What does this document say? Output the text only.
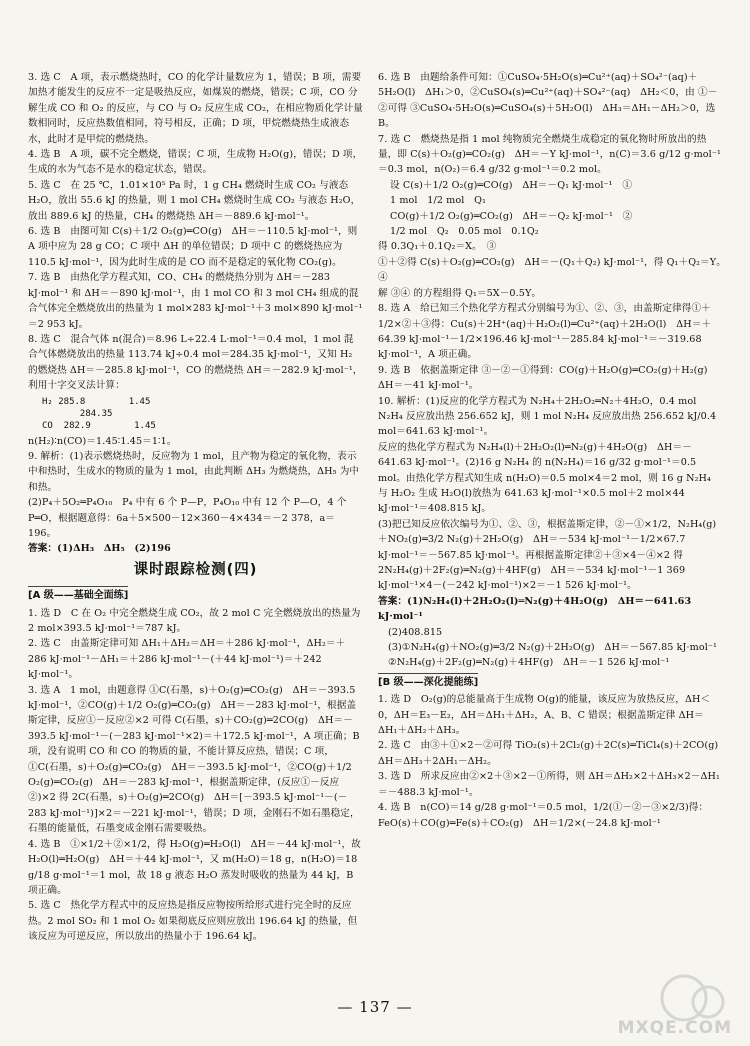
3. 选 C　A 项，表示燃烧热时，CO 的化学计量数应为 1，错误；B 项，需要加热才能发生的反应不一定是吸热反应，如煤炭的燃烧，错误；C 项，CO 分解生成 CO 和 O₂ 的反应，与 CO 与 O₂ 反应生成 CO₂，在相应物质化学计量数相同时，反应热数值相同，符号相反，正确；D 项，甲烷燃烧热生成液态水，此时才是甲烷的燃烧热。

4. 选 B　A 项，碳不完全燃烧，错误；C 项，生成物 H₂O(g)，错误；D 项，生成的水为气态不是水的稳定状态，错误。

5. 选 C　在 25 ℃，1.01×10⁵ Pa 时，1 g CH₄ 燃烧时生成 CO₂ 与液态 H₂O，放出 55.6 kJ 的热量，则 1 mol CH₄ 燃烧时生成 CO₂ 与液态 H₂O，放出 889.6 kJ 的热量，CH₄ 的燃烧热 ΔH＝－889.6 kJ·mol⁻¹。

6. 选 B　由图可知 C(s)＋1/2 O₂(g)═CO(g)　ΔH＝－110.5 kJ·mol⁻¹，则 A 项中应为 28 g CO；C 项中 ΔH 的单位错误；D 项中 C 的燃烧热应为 110.5 kJ·mol⁻¹，因为此时生成的是 CO 而不是稳定的氧化物 CO₂(g)。

7. 选 B　由热化学方程式知，CO、CH₄ 的燃烧热分别为 ΔH＝－283 kJ·mol⁻¹ 和 ΔH＝－890 kJ·mol⁻¹，由 1 mol CO 和 3 mol CH₄ 组成的混合气体完全燃烧放出的热量为 1 mol×283 kJ·mol⁻¹＋3 mol×890 kJ·mol⁻¹＝2 953 kJ。

8. 选 C　混合气体 n(混合)＝8.96 L÷22.4 L·mol⁻¹＝0.4 mol，1 mol 混合气体燃烧放出的热量 113.74 kJ÷0.4 mol＝284.35 kJ·mol⁻¹，又知 H₂ 的燃烧热 ΔH＝－285.8 kJ·mol⁻¹，CO 的燃烧热 ΔH＝－282.9 kJ·mol⁻¹，利用十字交叉法计算：

H₂ 285.8        1.45
284.35
CO  282.9        1.45

n(H₂)∶n(CO)＝1.45∶1.45＝1∶1。

9. 解析：(1)表示燃烧热时，反应物为 1 mol，且产物为稳定的氧化物，表示中和热时，生成水的物质的量为 1 mol，由此判断 ΔH₃ 为燃烧热，ΔH₅ 为中和热。

(2)P₄＋5O₂═P₄O₁₀　P₄ 中有 6 个 P—P，P₄O₁₀ 中有 12 个 P—O，4 个 P═O，根据题意得：6a＋5×500－12×360－4×434＝－2 378，a＝196。

答案：(1)ΔH₃　ΔH₅　(2)196

课时跟踪检测(四)
[A 级——基础全面练]

1. 选 D　C 在 O₂ 中完全燃烧生成 CO₂，故 2 mol C 完全燃烧放出的热量为 2 mol×393.5 kJ·mol⁻¹＝787 kJ。

2. 选 C　由盖斯定律可知 ΔH₁＋ΔH₂＝ΔH＝＋286 kJ·mol⁻¹，ΔH₂＝＋286 kJ·mol⁻¹－ΔH₁＝＋286 kJ·mol⁻¹－(＋44 kJ·mol⁻¹)＝＋242 kJ·mol⁻¹。

3. 选 A　1 mol，由题意得 ①C(石墨，s)＋O₂(g)═CO₂(g)　ΔH＝－393.5 kJ·mol⁻¹，②CO(g)＋1/2 O₂(g)═CO₂(g)　ΔH＝－283 kJ·mol⁻¹，根据盖斯定律，反应①－反应②×2 可得 C(石墨，s)＋CO₂(g)═2CO(g)　ΔH＝－393.5 kJ·mol⁻¹－(－283 kJ·mol⁻¹×2)＝＋172.5 kJ·mol⁻¹，A 项正确；B 项，没有说明 CO 和 CO 的物质的量，不能计算反应热，错误；C 项，①C(石墨，s)＋O₂(g)═CO₂(g)　ΔH＝－393.5 kJ·mol⁻¹，②CO(g)＋1/2 O₂(g)═CO₂(g)　ΔH＝－283 kJ·mol⁻¹，根据盖斯定律，(反应①－反应②)×2 得 2C(石墨，s)＋O₂(g)═2CO(g)　ΔH＝[－393.5 kJ·mol⁻¹－(－283 kJ·mol⁻¹)]×2＝－221 kJ·mol⁻¹，错误；D 项，金刚石不如石墨稳定，石墨的能量低，石墨变成金刚石需要吸热。

4. 选 B　①×1/2＋②×1/2，得 H₂O(g)═H₂O(l)　ΔH＝－44 kJ·mol⁻¹，故 H₂O(l)═H₂O(g)　ΔH＝＋44 kJ·mol⁻¹，又 m(H₂O)＝18 g，n(H₂O)＝18 g/18 g·mol⁻¹＝1 mol，故 18 g 液态 H₂O 蒸发时吸收的热量为 44 kJ，B 项正确。

5. 选 C　热化学方程式中的反应热是指反应物按所给形式进行完全时的反应热。2 mol SO₂ 和 1 mol O₂ 如果彻底反应则应放出 196.64 kJ 的热量，但该反应为可逆反应，所以放出的热量小于 196.64 kJ。

6. 选 B　由题给条件可知：①CuSO₄·5H₂O(s)═Cu²⁺(aq)＋SO₄²⁻(aq)＋5H₂O(l)　ΔH₁＞0，②CuSO₄(s)═Cu²⁺(aq)＋SO₄²⁻(aq)　ΔH₂＜0，由 ①－②可得 ③CuSO₄·5H₂O(s)═CuSO₄(s)＋5H₂O(l)　ΔH₃＝ΔH₁－ΔH₂＞0，选 B。

7. 选 C　燃烧热是指 1 mol 纯物质完全燃烧生成稳定的氧化物时所放出的热量，即 C(s)＋O₂(g)═CO₂(g)　ΔH＝－Y kJ·mol⁻¹，n(C)＝3.6 g/12 g·mol⁻¹＝0.3 mol，n(O₂)＝6.4 g/32 g·mol⁻¹＝0.2 mol。

设 C(s)＋1/2 O₂(g)═CO(g)　ΔH＝－Q₁ kJ·mol⁻¹　①

1 mol　1/2 mol　Q₁

CO(g)＋1/2 O₂(g)═CO₂(g)　ΔH＝－Q₂ kJ·mol⁻¹　②

1/2 mol　Q₂　0.05 mol　0.1Q₂

得 0.3Q₁＋0.1Q₂＝X。　③

①＋②得 C(s)＋O₂(g)═CO₂(g)　ΔH＝－(Q₁＋Q₂) kJ·mol⁻¹，得 Q₁＋Q₂＝Y。　④

解 ③④ 的方程组得 Q₁＝5X－0.5Y。

8. 选 A　给已知三个热化学方程式分别编号为①、②、③，由盖斯定律得①＋1/2×②＋③得：Cu(s)＋2H⁺(aq)＋H₂O₂(l)═Cu²⁺(aq)＋2H₂O(l)　ΔH＝＋64.39 kJ·mol⁻¹－1/2×196.46 kJ·mol⁻¹－285.84 kJ·mol⁻¹＝－319.68 kJ·mol⁻¹，A 项正确。

9. 选 B　依据盖斯定律 ③－②－①得到：CO(g)＋H₂O(g)═CO₂(g)＋H₂(g)　ΔH＝－41 kJ·mol⁻¹。

10. 解析：(1)反应的化学方程式为 N₂H₄＋2H₂O₂═N₂＋4H₂O，0.4 mol N₂H₄ 反应放出热 256.652 kJ，则 1 mol N₂H₄ 反应放出热 256.652 kJ/0.4 mol＝641.63 kJ·mol⁻¹。

反应的热化学方程式为 N₂H₄(l)＋2H₂O₂(l)═N₂(g)＋4H₂O(g)　ΔH＝－641.63 kJ·mol⁻¹。(2)16 g N₂H₄ 的 n(N₂H₄)＝16 g/32 g·mol⁻¹＝0.5 mol。由热化学方程式知生成 n(H₂O)＝0.5 mol×4＝2 mol，则 16 g N₂H₄ 与 H₂O₂ 生成 H₂O(l)放热为 641.63 kJ·mol⁻¹×0.5 mol＋2 mol×44 kJ·mol⁻¹＝408.815 kJ。

(3)把已知反应依次编号为①、②、③，根据盖斯定律，②－①×1/2，N₂H₄(g)＋NO₂(g)═3/2 N₂(g)＋2H₂O(g)　ΔH＝－534 kJ·mol⁻¹－1/2×67.7 kJ·mol⁻¹＝－567.85 kJ·mol⁻¹。再根据盖斯定律②＋③×4－④×2 得 2N₂H₄(g)＋2F₂(g)═N₂(g)＋4HF(g)　ΔH＝－534 kJ·mol⁻¹－1 369 kJ·mol⁻¹×4－(－242 kJ·mol⁻¹)×2＝－1 526 kJ·mol⁻¹。

答案：(1)N₂H₄(l)＋2H₂O₂(l)═N₂(g)＋4H₂O(g)　ΔH＝－641.63 kJ·mol⁻¹

(2)408.815

(3)①N₂H₄(g)＋NO₂(g)═3/2 N₂(g)＋2H₂O(g)　ΔH＝－567.85 kJ·mol⁻¹

②N₂H₄(g)＋2F₂(g)═N₂(g)＋4HF(g)　ΔH＝－1 526 kJ·mol⁻¹

[B 级——深化提能练]

1. 选 D　O₂(g)的总能量高于生成物 O(g)的能量，该反应为放热反应，ΔH＜0，ΔH＝E₃－E₂，ΔH＝ΔH₁＋ΔH₂，A、B、C 错误；根据盖斯定律 ΔH＝ΔH₁＋ΔH₂＋ΔH₃。

2. 选 C　由③＋①×2－②可得 TiO₂(s)＋2Cl₂(g)＋2C(s)═TiCl₄(s)＋2CO(g)　ΔH＝ΔH₃＋2ΔH₁－ΔH₂。

3. 选 D　所求反应由②×2＋③×2－①所得，则 ΔH＝ΔH₂×2＋ΔH₃×2－ΔH₁＝－488.3 kJ·mol⁻¹。

4. 选 B　n(CO)＝14 g/28 g·mol⁻¹＝0.5 mol，1/2(①－②－③×2/3)得：FeO(s)＋CO(g)═Fe(s)＋CO₂(g)　ΔH＝1/2×(－24.8 kJ·mol⁻¹

— 137 —
MXQE.COM
